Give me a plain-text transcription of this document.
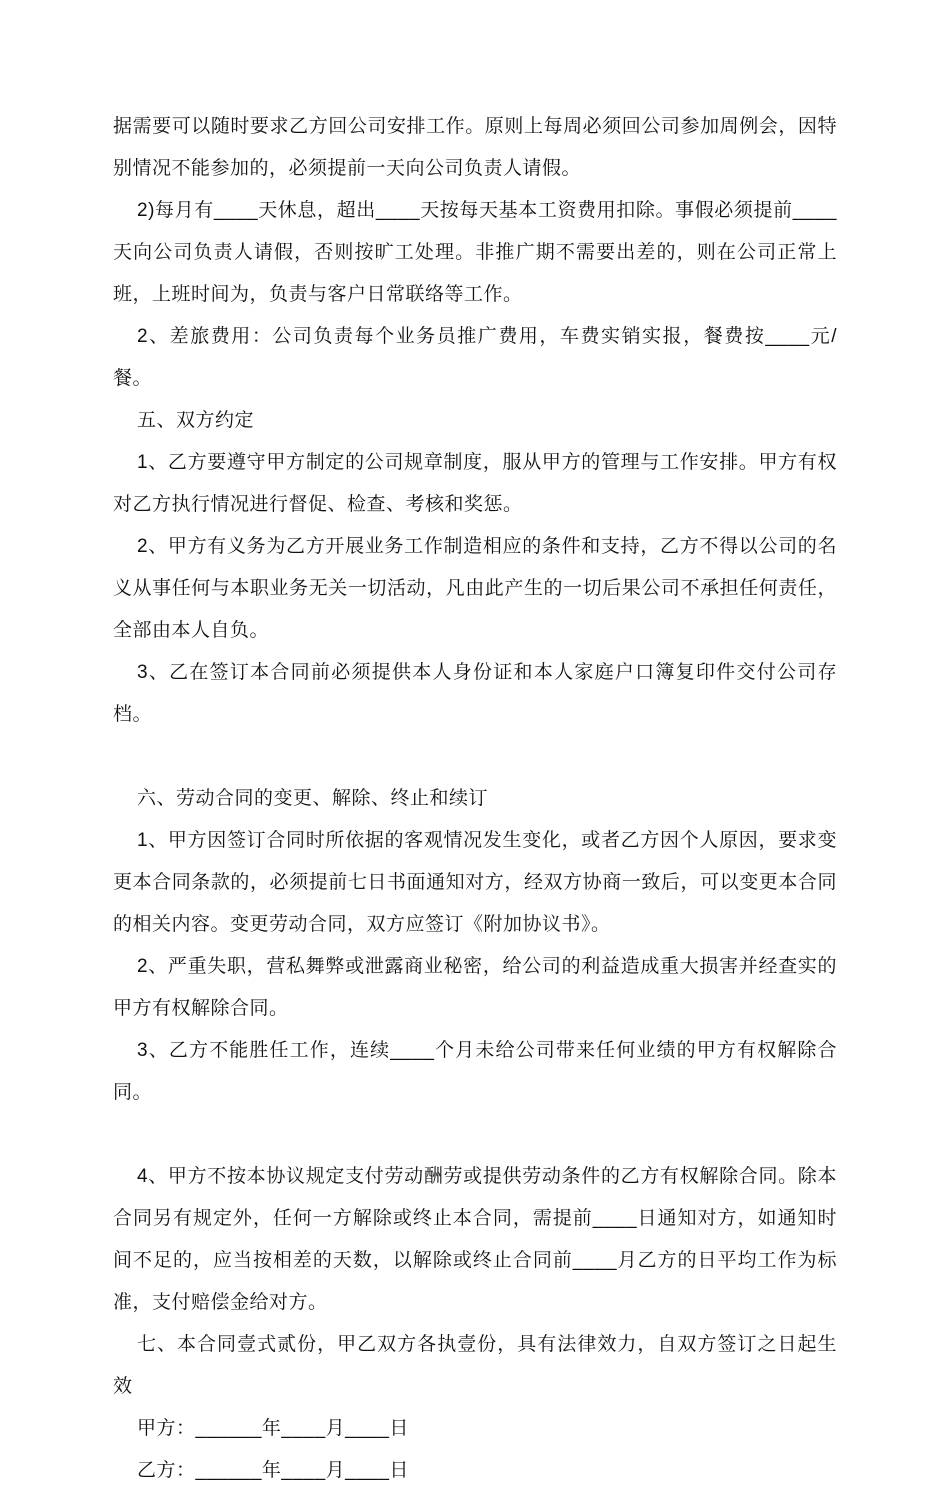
据需要可以随时要求乙方回公司安排工作。原则上每周必须回公司参加周例会，因特别情况不能参加的，必须提前一天向公司负责人请假。

2)每月有____天休息，超出____天按每天基本工资费用扣除。事假必须提前____天向公司负责人请假，否则按旷工处理。非推广期不需要出差的，则在公司正常上班，上班时间为，负责与客户日常联络等工作。

2、差旅费用：公司负责每个业务员推广费用，车费实销实报，餐费按____元/餐。

五、双方约定

1、乙方要遵守甲方制定的公司规章制度，服从甲方的管理与工作安排。甲方有权对乙方执行情况进行督促、检查、考核和奖惩。

2、甲方有义务为乙方开展业务工作制造相应的条件和支持，乙方不得以公司的名义从事任何与本职业务无关一切活动，凡由此产生的一切后果公司不承担任何责任，全部由本人自负。

3、乙在签订本合同前必须提供本人身份证和本人家庭户口簿复印件交付公司存档。

六、劳动合同的变更、解除、终止和续订

1、甲方因签订合同时所依据的客观情况发生变化，或者乙方因个人原因，要求变更本合同条款的，必须提前七日书面通知对方，经双方协商一致后，可以变更本合同的相关内容。变更劳动合同，双方应签订《附加协议书》。

2、严重失职，营私舞弊或泄露商业秘密，给公司的利益造成重大损害并经查实的甲方有权解除合同。

3、乙方不能胜任工作，连续____个月未给公司带来任何业绩的甲方有权解除合同。

4、甲方不按本协议规定支付劳动酬劳或提供劳动条件的乙方有权解除合同。除本合同另有规定外，任何一方解除或终止本合同，需提前____日通知对方，如通知时间不足的，应当按相差的天数，以解除或终止合同前____月乙方的日平均工作为标准，支付赔偿金给对方。

七、本合同壹式贰份，甲乙双方各执壹份，具有法律效力，自双方签订之日起生效

甲方：______年____月____日

乙方：______年____月____日
